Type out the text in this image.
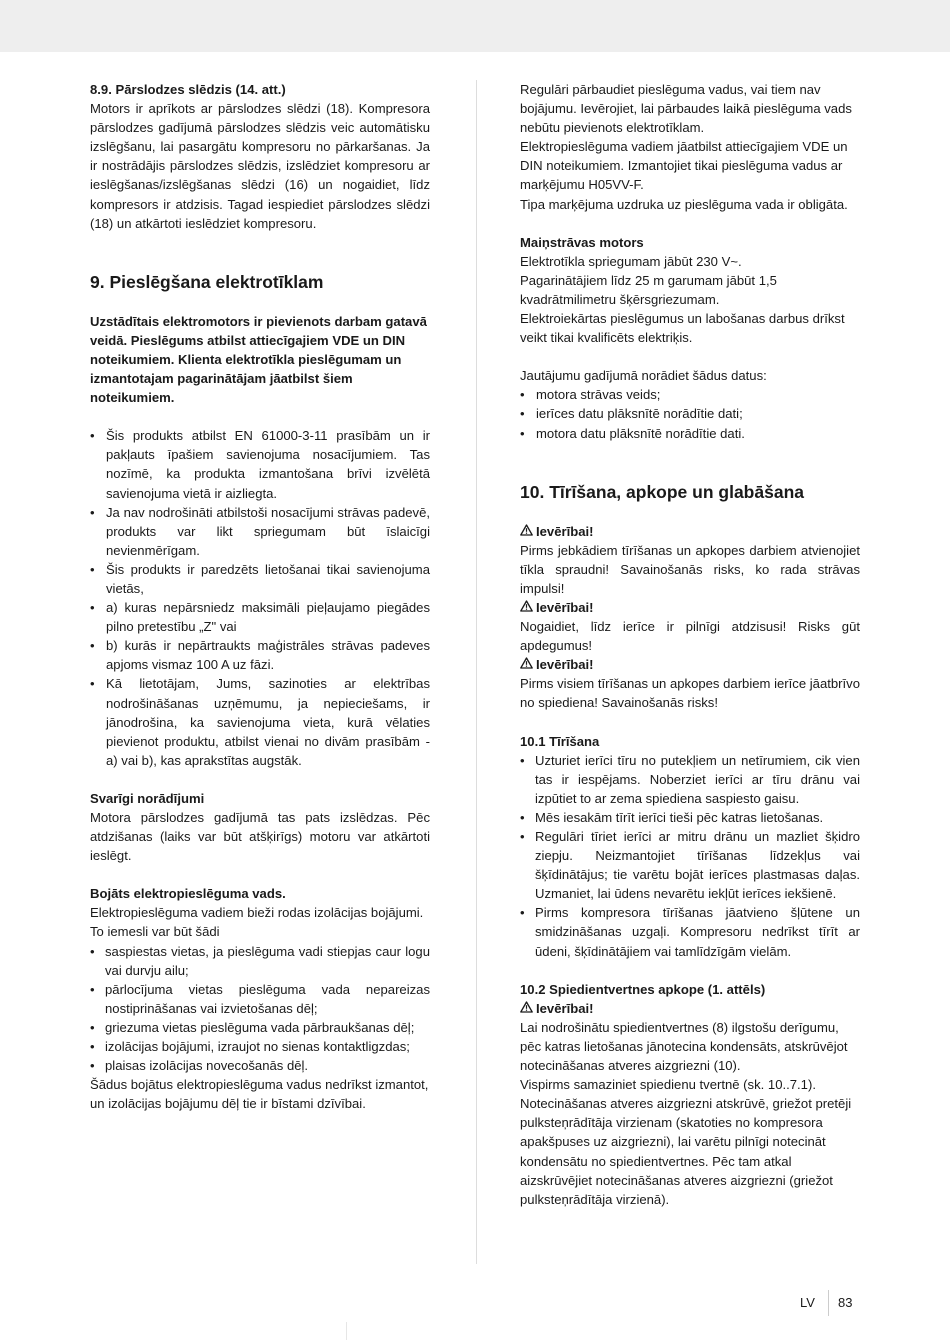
8.9. Pārslodzes slēdzis (14. att.)

Motors ir aprīkots ar pārslodzes slēdzi (18). Kompresora pārslodzes gadījumā pārslodzes slēdzis veic automātisku izslēgšanu, lai pasargātu kompresoru no pārkaršanas. Ja ir nostrādājis pārslodzes slēdzis, izslēdziet kompresoru ar ieslēgšanas/izslēgšanas slēdzi (16) un nogaidiet, līdz kompresors ir atdzisis. Tagad iespiediet pārslodzes slēdzi (18) un atkārtoti ieslēdziet kompresoru.

9. Pieslēgšana elektrotīklam

Uzstādītais elektromotors ir pievienots darbam gatavā veidā. Pieslēgums atbilst attiecīgajiem VDE un DIN noteikumiem. Klienta elektrotīkla pieslēgumam un izmantotajam pagarinātājam jāatbilst šiem noteikumiem.

• Šis produkts atbilst EN 61000-3-11 prasībām un ir pakļauts īpašiem savienojuma nosacījumiem. Tas nozīmē, ka produkta izmantošana brīvi izvēlētā savienojuma vietā ir aizliegta.
• Ja nav nodrošināti atbilstoši nosacījumi strāvas padevē, produkts var likt spriegumam būt īslaicīgi nevienmērīgam.
• Šis produkts ir paredzēts lietošanai tikai savienojuma vietās,
• a) kuras nepārsniedz maksimāli pieļaujamo piegādes pilno pretestību „Z" vai
• b) kurās ir nepārtraukts maģistrāles strāvas padeves apjoms vismaz 100 A uz fāzi.
• Kā lietotājam, Jums, sazinoties ar elektrības nodrošināšanas uzņēmumu, ja nepieciešams, ir jānodrošina, ka savienojuma vieta, kurā vēlaties pievienot produktu, atbilst vienai no divām prasībām - a) vai b), kas aprakstītas augstāk.

Svarīgi norādījumi

Motora pārslodzes gadījumā tas pats izslēdzas. Pēc atdzišanas (laiks var būt atšķirīgs) motoru var atkārtoti ieslēgt.

Bojāts elektropieslēguma vads.

Elektropieslēguma vadiem bieži rodas izolācijas bojājumi.

To iemesli var būt šādi

• saspiestas vietas, ja pieslēguma vadi stiepjas caur logu vai durvju ailu;
• pārlocījuma vietas pieslēguma vada nepareizas nostiprināšanas vai izvietošanas dēļ;
• griezuma vietas pieslēguma vada pārbraukšanas dēļ;
• izolācijas bojājumi, izraujot no sienas kontaktligzdas;
• plaisas izolācijas novecošanās dēļ.

Šādus bojātus elektropieslēguma vadus nedrīkst izmantot, un izolācijas bojājumu dēļ tie ir bīstami dzīvībai.

Regulāri pārbaudiet pieslēguma vadus, vai tiem nav bojājumu. Ievērojiet, lai pārbaudes laikā pieslēguma vads nebūtu pievienots elektrotīklam.

Elektropieslēguma vadiem jāatbilst attiecīgajiem VDE un DIN noteikumiem. Izmantojiet tikai pieslēguma vadus ar marķējumu H05VV-F.

Tipa marķējuma uzdruka uz pieslēguma vada ir obligāta.

Maiņstrāvas motors

Elektrotīkla spriegumam jābūt 230 V~.

Pagarinātājiem līdz 25 m garumam jābūt 1,5 kvadrātmilimetru šķērsgriezumam.

Elektroiekārtas pieslēgumus un labošanas darbus drīkst veikt tikai kvalificēts elektriķis.

Jautājumu gadījumā norādiet šādus datus:

• motora strāvas veids;
• ierīces datu plāksnītē norādītie dati;
• motora datu plāksnītē norādītie dati.
10. Tīrīšana, apkope un glabāšana

Ievērībai!

Pirms jebkādiem tīrīšanas un apkopes darbiem atvienojiet tīkla spraudni! Savainošanās risks, ko rada strāvas impulsi!

Ievērībai!

Nogaidiet, līdz ierīce ir pilnīgi atdzisusi! Risks gūt apdegumus!

Ievērībai!

Pirms visiem tīrīšanas un apkopes darbiem ierīce jāatbrīvo no spiediena! Savainošanās risks!

10.1 Tīrīšana

• Uzturiet ierīci tīru no putekļiem un netīrumiem, cik vien tas ir iespējams. Noberziet ierīci ar tīru drānu vai izpūtiet to ar zema spiediena saspiesto gaisu.
• Mēs iesakām tīrīt ierīci tieši pēc katras lietošanas.
• Regulāri tīriet ierīci ar mitru drānu un mazliet šķidro ziepju. Neizmantojiet tīrīšanas līdzekļus vai šķīdinātājus; tie varētu bojāt ierīces plastmasas daļas. Uzmaniet, lai ūdens nevarētu iekļūt ierīces iekšienē.
• Pirms kompresora tīrīšanas jāatvieno šļūtene un smidzināšanas uzgaļi. Kompresoru nedrīkst tīrīt ar ūdeni, šķīdinātājiem vai tamlīdzīgām vielām.

10.2 Spiedientvertnes apkope (1. attēls)

Ievērībai!

Lai nodrošinātu spiedientvertnes (8) ilgstošu derīgumu, pēc katras lietošanas jānotecina kondensāts, atskrūvējot notecināšanas atveres aizgriezni (10).

Vispirms samaziniet spiedienu tvertnē (sk. 10..7.1).

Notecināšanas atveres aizgriezni atskrūvē, griežot pretēji pulksteņrādītāja virzienam (skatoties no kompresora apakšpuses uz aizgriezni), lai varētu pilnīgi notecināt kondensātu no spiedientvertnes. Pēc tam atkal aizskrūvējiet notecināšanas atveres aizgriezni (griežot pulksteņrādītāja virzienā).

LV 83
